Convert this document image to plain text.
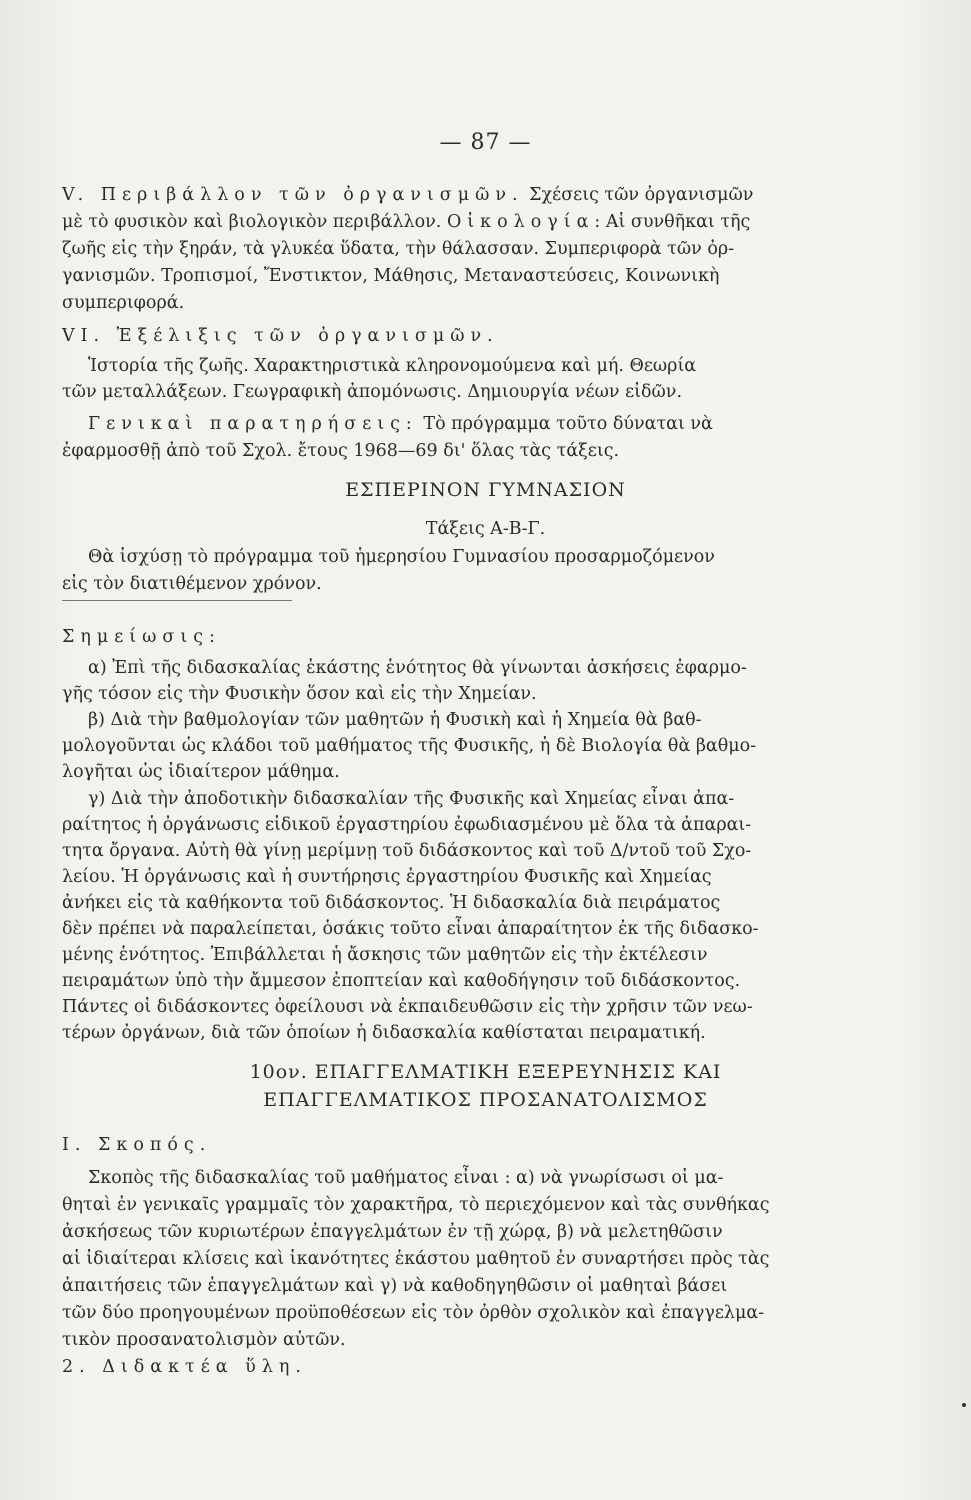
— 87 —
V. Περιβάλλον τῶν ὀργανισμῶν. Σχέσεις τῶν ὀργανισμῶν
μὲ τὸ φυσικὸν καὶ βιολογικὸν περιβάλλον. Οἰκολογία: Αἱ συνθῆκαι τῆς
ζωῆς εἰς τὴν ξηράν, τὰ γλυκέα ὕδατα, τὴν θάλασσαν. Συμπεριφορὰ τῶν ὀρ-
γανισμῶν. Τροπισμοί, Ἔνστικτον, Μάθησις, Μεταναστεύσεις, Κοινωνικὴ
συμπεριφορά.
VI. Ἐξέλιξις τῶν ὀργανισμῶν.
Ἱστορία τῆς ζωῆς. Χαρακτηριστικὰ κληρονομούμενα καὶ μή. Θεωρία
τῶν μεταλλάξεων. Γεωγραφικὴ ἀπομόνωσις. Δημιουργία νέων εἰδῶν.
Γενικαὶ παρατηρήσεις: Τὸ πρόγραμμα τοῦτο δύναται νὰ
ἐφαρμοσθῇ ἀπὸ τοῦ Σχολ. ἔτους 1968—69 δι' ὅλας τὰς τάξεις.
ΕΣΠΕΡΙΝΟΝ ΓΥΜΝΑΣΙΟΝ
Τάξεις Α-Β-Γ.
Θὰ ἰσχύσῃ τὸ πρόγραμμα τοῦ ἡμερησίου Γυμνασίου προσαρμοζόμενον
εἰς τὸν διατιθέμενον χρόνον.
Σημείωσις:
α) Ἐπὶ τῆς διδασκαλίας ἑκάστης ἑνότητος θὰ γίνωνται ἀσκήσεις ἐφαρμο-
γῆς τόσον εἰς τὴν Φυσικὴν ὅσον καὶ εἰς τὴν Χημείαν.
β) Διὰ τὴν βαθμολογίαν τῶν μαθητῶν ἡ Φυσικὴ καὶ ἡ Χημεία θὰ βαθ-
μολογοῦνται ὡς κλάδοι τοῦ μαθήματος τῆς Φυσικῆς, ἡ δὲ Βιολογία θὰ βαθμο-
λογῆται ὡς ἰδιαίτερον μάθημα.
γ) Διὰ τὴν ἀποδοτικὴν διδασκαλίαν τῆς Φυσικῆς καὶ Χημείας εἶναι ἀπα-
ραίτητος ἡ ὀργάνωσις εἰδικοῦ ἐργαστηρίου ἐφωδιασμένου μὲ ὅλα τὰ ἀπαραι-
τητα ὄργανα. Αὐτὴ θὰ γίνῃ μερίμνῃ τοῦ διδάσκοντος καὶ τοῦ Δ/ντοῦ τοῦ Σχο-
λείου. Ἡ ὀργάνωσις καὶ ἡ συντήρησις ἐργαστηρίου Φυσικῆς καὶ Χημείας
ἀνήκει εἰς τὰ καθήκοντα τοῦ διδάσκοντος. Ἡ διδασκαλία διὰ πειράματος
δὲν πρέπει νὰ παραλείπεται, ὁσάκις τοῦτο εἶναι ἀπαραίτητον ἐκ τῆς διδασκο-
μένης ἑνότητος. Ἐπιβάλλεται ἡ ἄσκησις τῶν μαθητῶν εἰς τὴν ἐκτέλεσιν
πειραμάτων ὑπὸ τὴν ἄμμεσον ἐποπτείαν καὶ καθοδήγησιν τοῦ διδάσκοντος.
Πάντες οἱ διδάσκοντες ὀφείλουσι νὰ ἐκπαιδευθῶσιν εἰς τὴν χρῆσιν τῶν νεω-
τέρων ὀργάνων, διὰ τῶν ὁποίων ἡ διδασκαλία καθίσταται πειραματική.
10ον. ΕΠΑΓΓΕΛΜΑΤΙΚΗ ΕΞΕΡΕΥΝΗΣΙΣ ΚΑΙ
ΕΠΑΓΓΕΛΜΑΤΙΚΟΣ ΠΡΟΣΑΝΑΤΟΛΙΣΜΟΣ
I. Σκοπός.
Σκοπὸς τῆς διδασκαλίας τοῦ μαθήματος εἶναι : α) νὰ γνωρίσωσι οἱ μα-
θηταὶ ἐν γενικαῖς γραμμαῖς τὸν χαρακτῆρα, τὸ περιεχόμενον καὶ τὰς συνθήκας
ἀσκήσεως τῶν κυριωτέρων ἐπαγγελμάτων ἐν τῇ χώρᾳ, β) νὰ μελετηθῶσιν
αἱ ἰδιαίτεραι κλίσεις καὶ ἱκανότητες ἑκάστου μαθητοῦ ἐν συναρτήσει πρὸς τὰς
ἀπαιτήσεις τῶν ἐπαγγελμάτων καὶ γ) νὰ καθοδηγηθῶσιν οἱ μαθηταὶ βάσει
τῶν δύο προηγουμένων προϋποθέσεων εἰς τὸν ὀρθὸν σχολικὸν καὶ ἐπαγγελμα-
τικὸν προσανατολισμὸν αὐτῶν.
2. Διδακτέα ὕλη.
